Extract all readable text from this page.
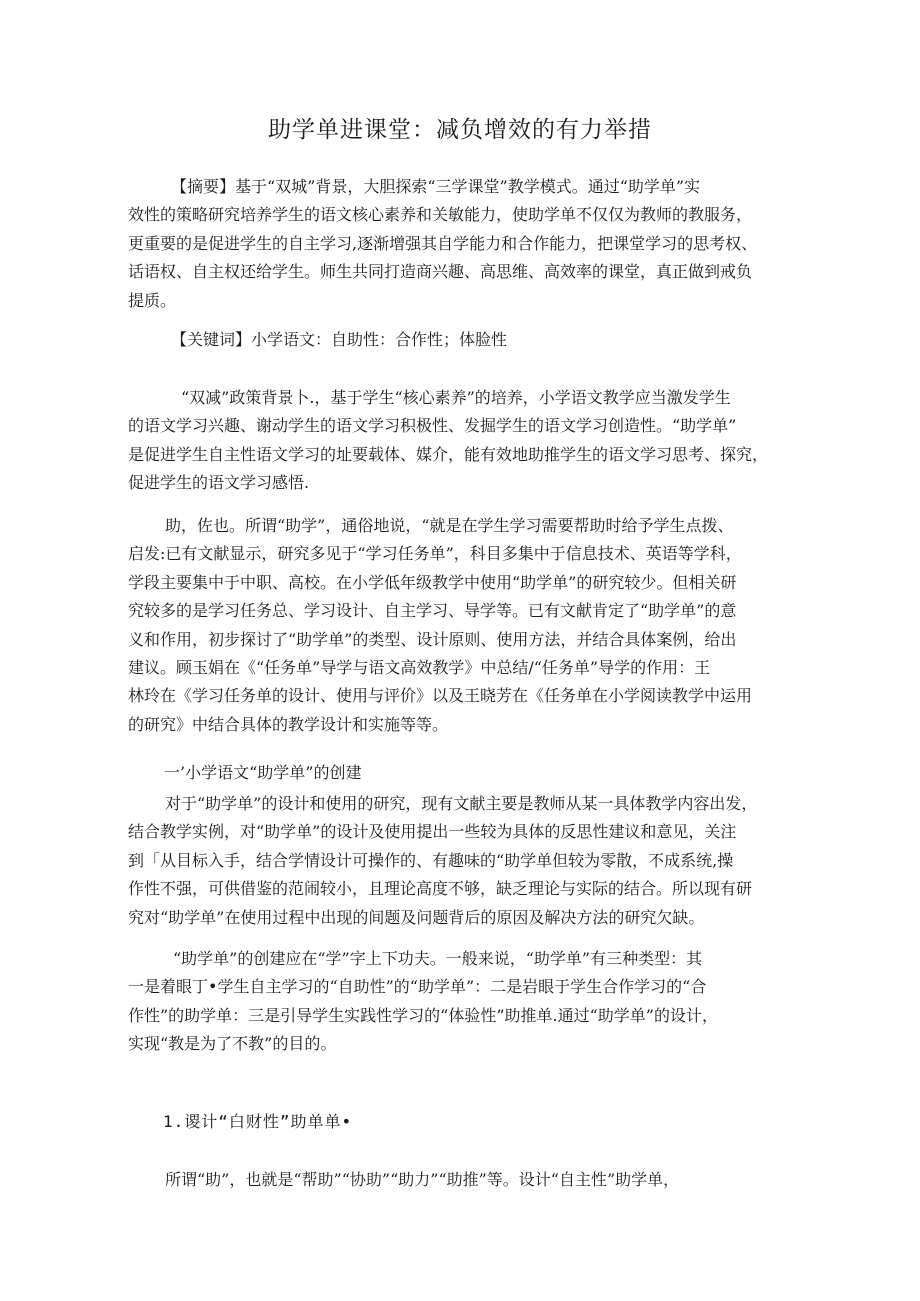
助学单进课堂：减负增效的有力举措
【摘要】基于“双城”背景，大胆探索“三学课堂”教学模式。通过“助学单”实
效性的策略研究培养学生的语文核心素养和关敏能力，使助学单不仅仅为教师的教服务，
更重要的是促进学生的自主学习,逐渐增强其自学能力和合作能力，把课堂学习的思考权、
话语权、自主权还给学生。师生共同打造商兴趣、高思维、高效率的课堂，真正做到戒负
提质。
【关键词】小学语文：自助性：合作性；体脸性
“双减”政策背景卜.，基于学生“核心素养”的培养，小学语文教学应当激发学生
的语文学习兴趣、谢动学生的语文学习积极性、发掘学生的语文学习创造性。“助学单”
是促进学生自主性语文学习的址要载体、媒介，能有效地助推学生的语文学习思考、探究，
促进学生的语文学习感悟.
助，佐也。所谓“助学”，通俗地说，“就是在学生学习需要帮助时给予学生点拨、
启发:已有文献显示，研究多见于“学习任务单”，科目多集中于信息技术、英语等学科，
学段主要集中于中职、高校。在小学低年级教学中使用“助学单”的研究较少。但相关研
究较多的是学习任务总、学习设计、自主学习、导学等。已有文献肯定了“助学单”的意
义和作用，初步探讨了“助学单”的类型、设计原则、使用方法，并结合具体案例，给出
建议。顾玉娟在《“任务单”导学与语文高效教学》中总结/“任务单”导学的作用：王
林玲在《学习任务单的设计、使用与评价》以及王晓芳在《任务单在小学阅读教学中运用
的研究》中结合具体的教学设计和实施等等。
一’小学语文“助学单”的创建
对于“助学单”的设计和使用的研究，现有文献主要是教师从某一具体教学内容出发，
结合教学实例，对“助学单”的设计及使用提出一些较为具体的反思性建议和意见，关注
到「从目标入手，结合学情设计可操作的、有趣味的“助学单但较为零散，不成系统,操
作性不强，可供借鉴的范闹较小，且理论高度不够，缺乏理论与实际的结合。所以现有研
究对“助学单”在使用过程中出现的间题及问题背后的原因及解决方法的研究欠缺。
“助学单”的创建应在“学”字上下功夫。一般来说，“助学单”有三种类型：其
一是着眼丁•学生自主学习的“自助性”的“助学单”：二是岩眼于学生合作学习的“合
作性”的助学单：三是引导学生实践性学习的“体验性”助推单.通过“助学单”的设计，
实现“教是为了不教”的目的。
1.谡计“白财性”助单单•
所谓“助”，也就是“帮助”“协助”“助力”“助推”等。设计“自主性”助学单，
